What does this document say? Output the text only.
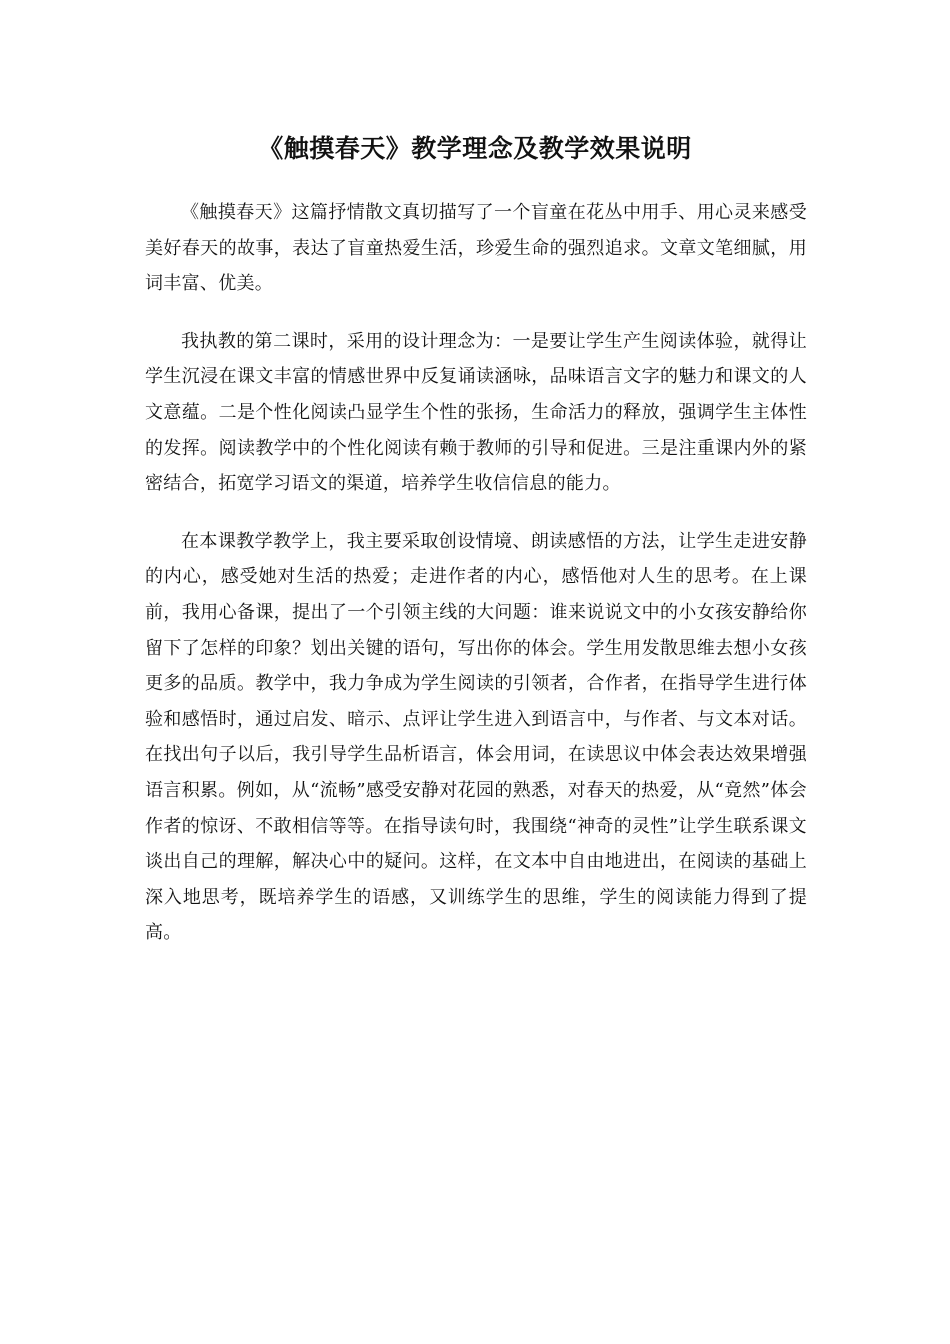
《触摸春天》教学理念及教学效果说明

《触摸春天》这篇抒情散文真切描写了一个盲童在花丛中用手、用心灵来感受美好春天的故事，表达了盲童热爱生活，珍爱生命的强烈追求。文章文笔细腻，用词丰富、优美。

我执教的第二课时，采用的设计理念为：一是要让学生产生阅读体验，就得让学生沉浸在课文丰富的情感世界中反复诵读涵咏，品味语言文字的魅力和课文的人文意蕴。二是个性化阅读凸显学生个性的张扬，生命活力的释放，强调学生主体性的发挥。阅读教学中的个性化阅读有赖于教师的引导和促进。三是注重课内外的紧密结合，拓宽学习语文的渠道，培养学生收信信息的能力。

在本课教学教学上，我主要采取创设情境、朗读感悟的方法，让学生走进安静的内心，感受她对生活的热爱；走进作者的内心，感悟他对人生的思考。在上课前，我用心备课，提出了一个引领主线的大问题：谁来说说文中的小女孩安静给你留下了怎样的印象？划出关键的语句，写出你的体会。学生用发散思维去想小女孩更多的品质。教学中，我力争成为学生阅读的引领者，合作者，在指导学生进行体验和感悟时，通过启发、暗示、点评让学生进入到语言中，与作者、与文本对话。在找出句子以后，我引导学生品析语言，体会用词，在读思议中体会表达效果增强语言积累。例如，从“流畅”感受安静对花园的熟悉，对春天的热爱，从“竟然”体会作者的惊讶、不敢相信等等。在指导读句时，我围绕“神奇的灵性”让学生联系课文谈出自己的理解，解决心中的疑问。这样，在文本中自由地进出，在阅读的基础上深入地思考，既培养学生的语感，又训练学生的思维，学生的阅读能力得到了提高。
